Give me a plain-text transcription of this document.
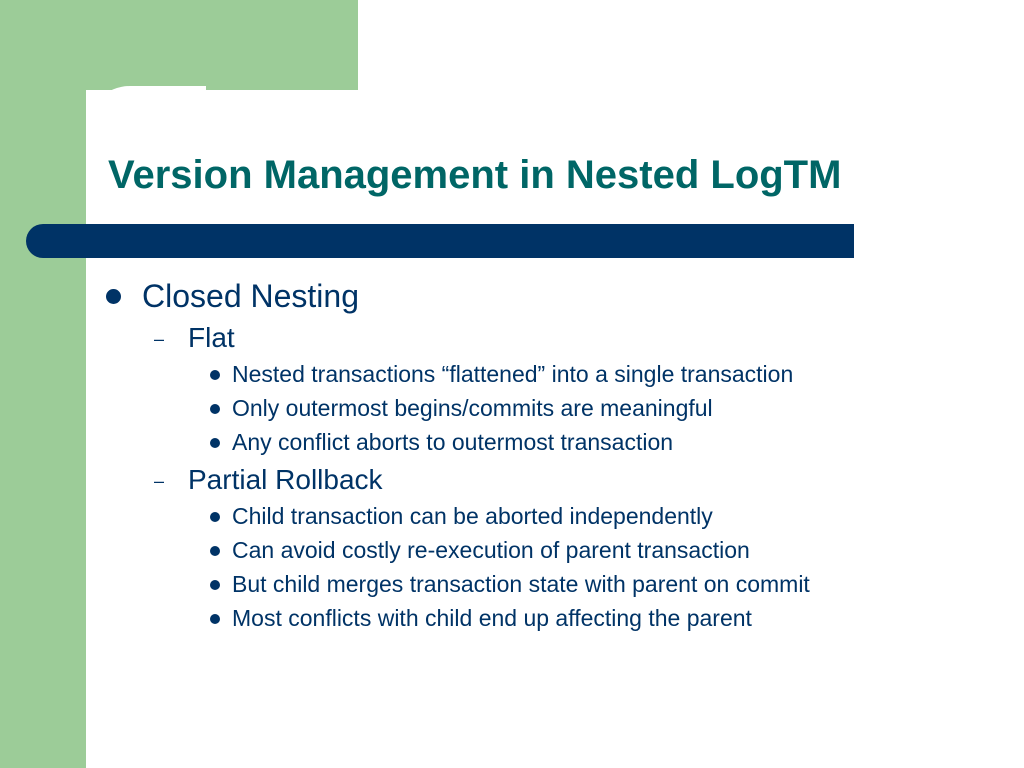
Version Management in Nested LogTM
Closed Nesting
– Flat
Nested transactions “flattened” into a single transaction
Only outermost begins/commits are meaningful
Any conflict aborts to outermost transaction
– Partial Rollback
Child transaction can be aborted independently
Can avoid costly re-execution of parent transaction
But child merges transaction state with parent on commit
Most conflicts with child end up affecting the parent
